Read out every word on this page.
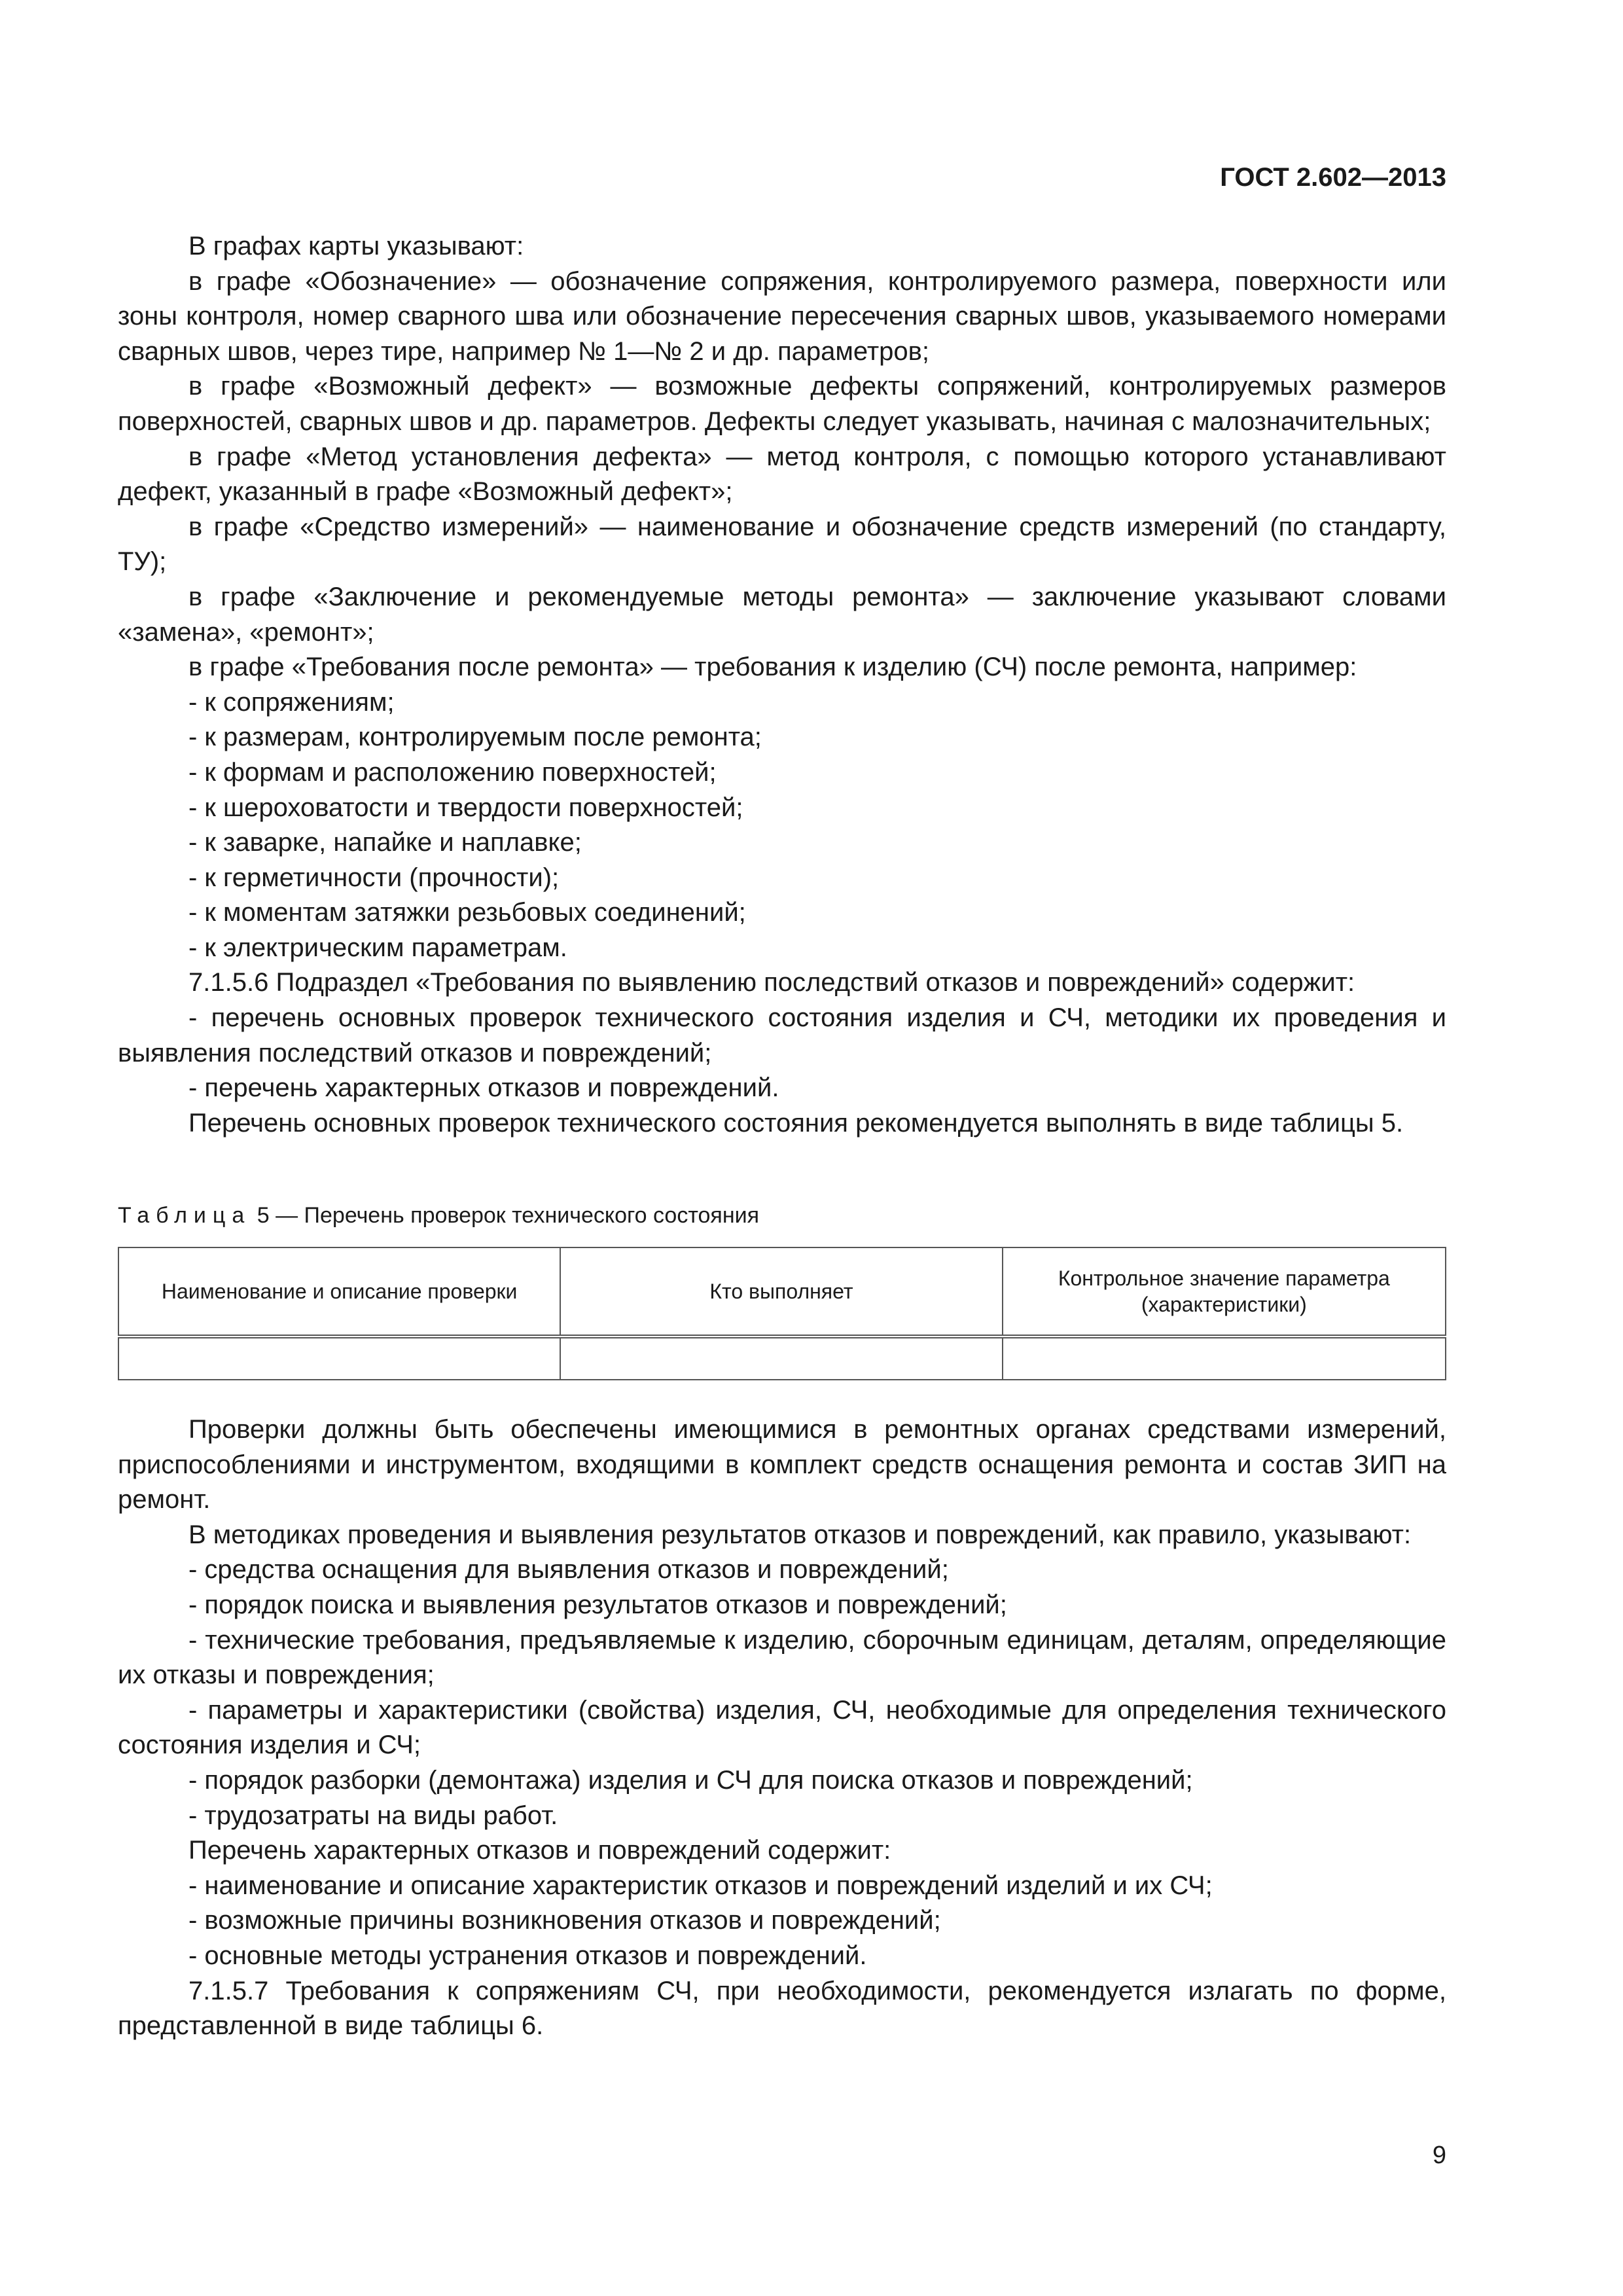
ГОСТ 2.602—2013

В графах карты указывают:

в графе «Обозначение» — обозначение сопряжения, контролируемого размера, поверхности или зоны контроля, номер сварного шва или обозначение пересечения сварных швов, указываемого номерами сварных швов, через тире, например № 1—№ 2 и др. параметров;

в графе «Возможный дефект» — возможные дефекты сопряжений, контролируемых размеров поверхностей, сварных швов и др. параметров. Дефекты следует указывать, начиная с малозначительных;

в графе «Метод установления дефекта» — метод контроля, с помощью которого устанавливают дефект, указанный в графе «Возможный дефект»;

в графе «Средство измерений» — наименование и обозначение средств измерений (по стандарту, ТУ);

в графе «Заключение и рекомендуемые методы ремонта» — заключение указывают словами «замена», «ремонт»;

в графе «Требования после ремонта» — требования к изделию (СЧ) после ремонта, например:

- к сопряжениям;

- к размерам, контролируемым после ремонта;

- к формам и расположению поверхностей;

- к шероховатости и твердости поверхностей;

- к заварке, напайке и наплавке;

- к герметичности (прочности);

- к моментам затяжки резьбовых соединений;

- к электрическим параметрам.

7.1.5.6 Подраздел «Требования по выявлению последствий отказов и повреждений» содержит:

- перечень основных проверок технического состояния изделия и СЧ, методики их проведения и выявления последствий отказов и повреждений;

- перечень характерных отказов и повреждений.

Перечень основных проверок технического состояния рекомендуется выполнять в виде таблицы 5.

Таблица 5 — Перечень проверок технического состояния
Наименование и описание проверки	Кто выполняет	Контрольное значение параметра (характеристики)

Проверки должны быть обеспечены имеющимися в ремонтных органах средствами измерений, приспособлениями и инструментом, входящими в комплект средств оснащения ремонта и состав ЗИП на ремонт.

В методиках проведения и выявления результатов отказов и повреждений, как правило, указывают:

- средства оснащения для выявления отказов и повреждений;

- порядок поиска и выявления результатов отказов и повреждений;

- технические требования, предъявляемые к изделию, сборочным единицам, деталям, определяющие их отказы и повреждения;

- параметры и характеристики (свойства) изделия, СЧ, необходимые для определения технического состояния изделия и СЧ;

- порядок разборки (демонтажа) изделия и СЧ для поиска отказов и повреждений;

- трудозатраты на виды работ.

Перечень характерных отказов и повреждений содержит:

- наименование и описание характеристик отказов и повреждений изделий и их СЧ;

- возможные причины возникновения отказов и повреждений;

- основные методы устранения отказов и повреждений.

7.1.5.7 Требования к сопряжениям СЧ, при необходимости, рекомендуется излагать по форме, представленной в виде таблицы 6.

9
